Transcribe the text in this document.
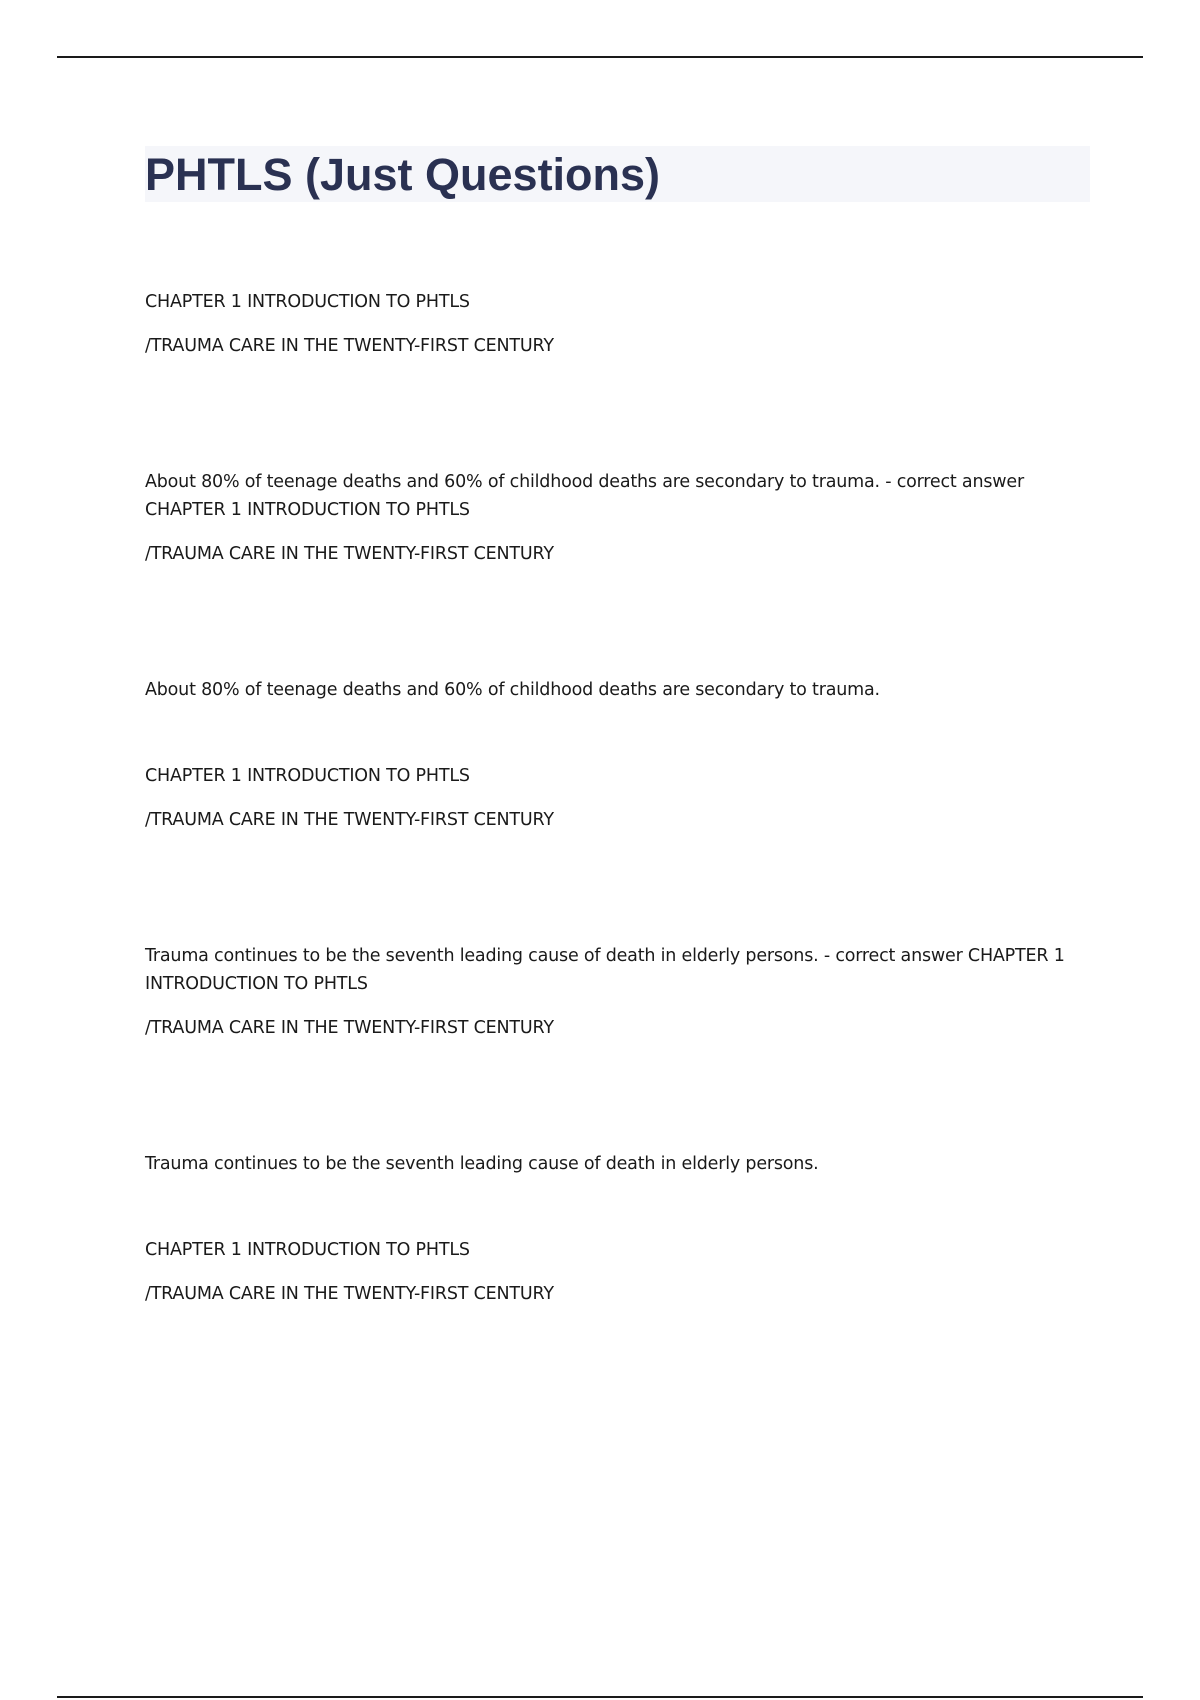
PHTLS (Just Questions)

CHAPTER 1 INTRODUCTION TO PHTLS

/TRAUMA CARE IN THE TWENTY-FIRST CENTURY

About 80% of teenage deaths and 60% of childhood deaths are secondary to trauma. - correct answer CHAPTER 1 INTRODUCTION TO PHTLS

/TRAUMA CARE IN THE TWENTY-FIRST CENTURY

About 80% of teenage deaths and 60% of childhood deaths are secondary to trauma.

CHAPTER 1 INTRODUCTION TO PHTLS

/TRAUMA CARE IN THE TWENTY-FIRST CENTURY

Trauma continues to be the seventh leading cause of death in elderly persons. - correct answer CHAPTER 1 INTRODUCTION TO PHTLS

/TRAUMA CARE IN THE TWENTY-FIRST CENTURY

Trauma continues to be the seventh leading cause of death in elderly persons.

CHAPTER 1 INTRODUCTION TO PHTLS

/TRAUMA CARE IN THE TWENTY-FIRST CENTURY
